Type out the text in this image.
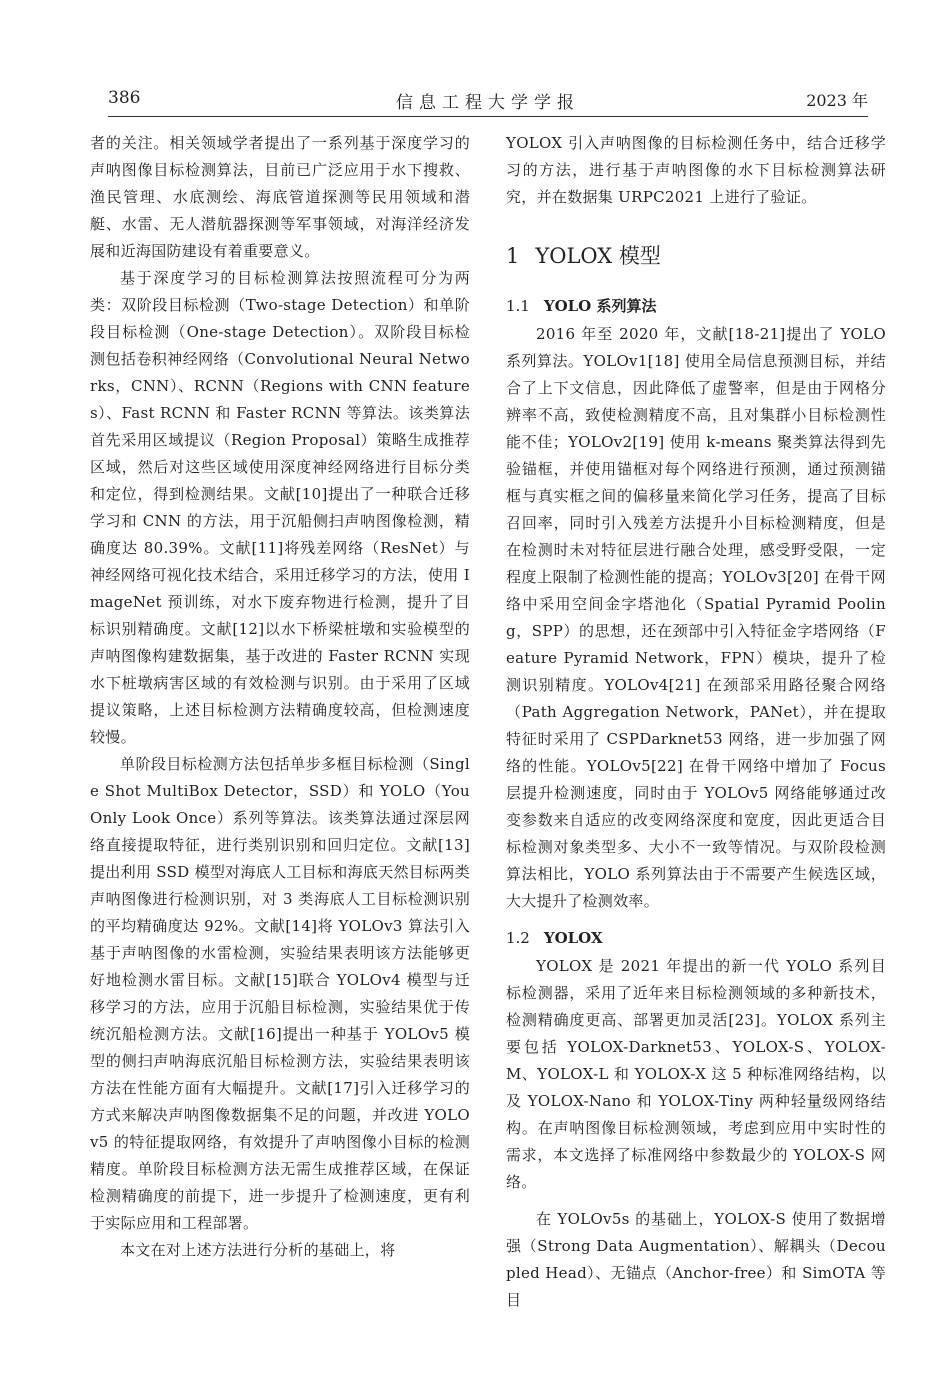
386	信息工程大学学报	2023 年

者的关注。相关领域学者提出了一系列基于深度学习的声呐图像目标检测算法，目前已广泛应用于水下搜救、渔民管理、水底测绘、海底管道探测等民用领域和潜艇、水雷、无人潜航器探测等军事领域，对海洋经济发展和近海国防建设有着重要意义。

基于深度学习的目标检测算法按照流程可分为两类：双阶段目标检测（Two-stage Detection）和单阶段目标检测（One-stage Detection）。双阶段目标检测包括卷积神经网络（Convolutional Neural Networks，CNN）、RCNN（Regions with CNN features）、Fast RCNN 和 Faster RCNN 等算法。该类算法首先采用区域提议（Region Proposal）策略生成推荐区域，然后对这些区域使用深度神经网络进行目标分类和定位，得到检测结果。文献[10]提出了一种联合迁移学习和 CNN 的方法，用于沉船侧扫声呐图像检测，精确度达 80.39%。文献[11]将残差网络（ResNet）与神经网络可视化技术结合，采用迁移学习的方法，使用 ImageNet 预训练，对水下废弃物进行检测，提升了目标识别精确度。文献[12]以水下桥梁桩墩和实验模型的声呐图像构建数据集，基于改进的 Faster RCNN 实现水下桩墩病害区域的有效检测与识别。由于采用了区域提议策略，上述目标检测方法精确度较高，但检测速度较慢。

单阶段目标检测方法包括单步多框目标检测（Single Shot MultiBox Detector，SSD）和 YOLO（You Only Look Once）系列等算法。该类算法通过深层网络直接提取特征，进行类别识别和回归定位。文献[13]提出利用 SSD 模型对海底人工目标和海底天然目标两类声呐图像进行检测识别，对 3 类海底人工目标检测识别的平均精确度达 92%。文献[14]将 YOLOv3 算法引入基于声呐图像的水雷检测，实验结果表明该方法能够更好地检测水雷目标。文献[15]联合 YOLOv4 模型与迁移学习的方法，应用于沉船目标检测，实验结果优于传统沉船检测方法。文献[16]提出一种基于 YOLOv5 模型的侧扫声呐海底沉船目标检测方法，实验结果表明该方法在性能方面有大幅提升。文献[17]引入迁移学习的方式来解决声呐图像数据集不足的问题，并改进 YOLOv5 的特征提取网络，有效提升了声呐图像小目标的检测精度。单阶段目标检测方法无需生成推荐区域，在保证检测精确度的前提下，进一步提升了检测速度，更有利于实际应用和工程部署。

本文在对上述方法进行分析的基础上，将

YOLOX 引入声呐图像的目标检测任务中，结合迁移学习的方法，进行基于声呐图像的水下目标检测算法研究，并在数据集 URPC2021 上进行了验证。

1 YOLOX 模型
1.1 YOLO 系列算法

2016 年至 2020 年，文献[18-21]提出了 YOLO 系列算法。YOLOv1[18] 使用全局信息预测目标，并结合了上下文信息，因此降低了虚警率，但是由于网格分辨率不高，致使检测精度不高，且对集群小目标检测性能不佳；YOLOv2[19] 使用 k-means 聚类算法得到先验锚框，并使用锚框对每个网络进行预测，通过预测锚框与真实框之间的偏移量来简化学习任务，提高了目标召回率，同时引入残差方法提升小目标检测精度，但是在检测时未对特征层进行融合处理，感受野受限，一定程度上限制了检测性能的提高；YOLOv3[20] 在骨干网络中采用空间金字塔池化（Spatial Pyramid Pooling，SPP）的思想，还在颈部中引入特征金字塔网络（Feature Pyramid Network，FPN）模块，提升了检测识别精度。YOLOv4[21] 在颈部采用路径聚合网络（Path Aggregation Network，PANet），并在提取特征时采用了 CSPDarknet53 网络，进一步加强了网络的性能。YOLOv5[22] 在骨干网络中增加了 Focus 层提升检测速度，同时由于 YOLOv5 网络能够通过改变参数来自适应的改变网络深度和宽度，因此更适合目标检测对象类型多、大小不一致等情况。与双阶段检测算法相比，YOLO 系列算法由于不需要产生候选区域，大大提升了检测效率。

1.2 YOLOX

YOLOX 是 2021 年提出的新一代 YOLO 系列目标检测器，采用了近年来目标检测领域的多种新技术，检测精确度更高、部署更加灵活[23]。YOLOX 系列主要包括 YOLOX-Darknet53、YOLOX-S、YOLOX-M、YOLOX-L 和 YOLOX-X 这 5 种标准网络结构，以及 YOLOX-Nano 和 YOLOX-Tiny 两种轻量级网络结构。在声呐图像目标检测领域，考虑到应用中实时性的需求，本文选择了标准网络中参数最少的 YOLOX-S 网络。

在 YOLOv5s 的基础上，YOLOX-S 使用了数据增强（Strong Data Augmentation）、解耦头（Decoupled Head）、无锚点（Anchor-free）和 SimOTA 等目
